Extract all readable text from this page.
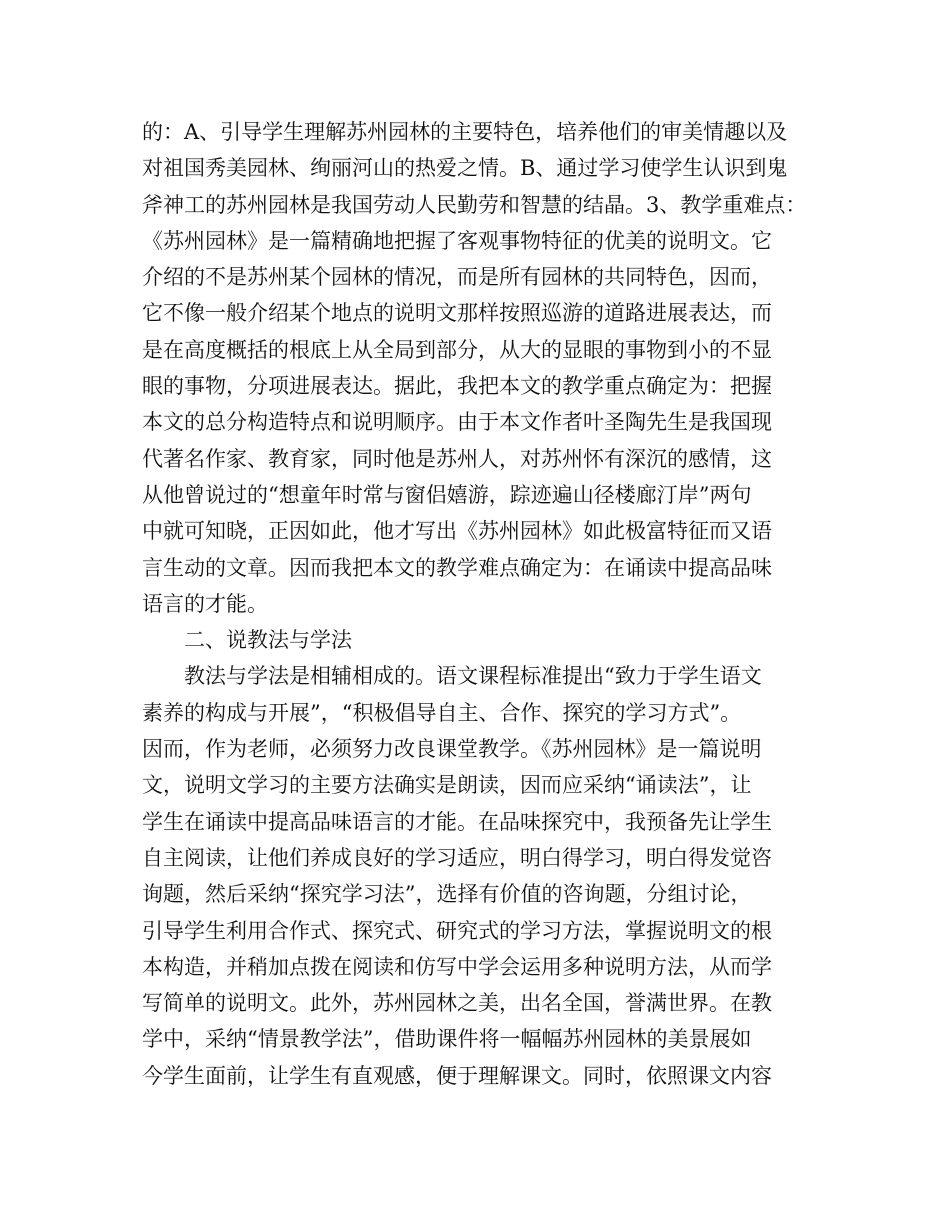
的：A、引导学生理解苏州园林的主要特色，培养他们的审美情趣以及
对祖国秀美园林、绚丽河山的热爱之情。B、通过学习使学生认识到鬼
斧神工的苏州园林是我国劳动人民勤劳和智慧的结晶。3、教学重难点：
《苏州园林》是一篇精确地把握了客观事物特征的优美的说明文。它
介绍的不是苏州某个园林的情况，而是所有园林的共同特色，因而，
它不像一般介绍某个地点的说明文那样按照巡游的道路进展表达，而
是在高度概括的根底上从全局到部分，从大的显眼的事物到小的不显
眼的事物，分项进展表达。据此，我把本文的教学重点确定为：把握
本文的总分构造特点和说明顺序。由于本文作者叶圣陶先生是我国现
代著名作家、教育家，同时他是苏州人，对苏州怀有深沉的感情，这
从他曾说过的“想童年时常与窗侣嬉游，踪迹遍山径楼廊汀岸”两句
中就可知晓，正因如此，他才写出《苏州园林》如此极富特征而又语
言生动的文章。因而我把本文的教学难点确定为：在诵读中提高品味
语言的才能。
二、说教法与学法
教法与学法是相辅相成的。语文课程标准提出“致力于学生语文
素养的构成与开展”，“积极倡导自主、合作、探究的学习方式”。
因而，作为老师，必须努力改良课堂教学。《苏州园林》是一篇说明
文，说明文学习的主要方法确实是朗读，因而应采纳“诵读法”，让
学生在诵读中提高品味语言的才能。在品味探究中，我预备先让学生
自主阅读，让他们养成良好的学习适应，明白得学习，明白得发觉咨
询题，然后采纳“探究学习法”，选择有价值的咨询题，分组讨论，
引导学生利用合作式、探究式、研究式的学习方法，掌握说明文的根
本构造，并稍加点拨在阅读和仿写中学会运用多种说明方法，从而学
写简单的说明文。此外，苏州园林之美，出名全国，誉满世界。在教
学中，采纳“情景教学法”，借助课件将一幅幅苏州园林的美景展如
今学生面前，让学生有直观感，便于理解课文。同时，依照课文内容
